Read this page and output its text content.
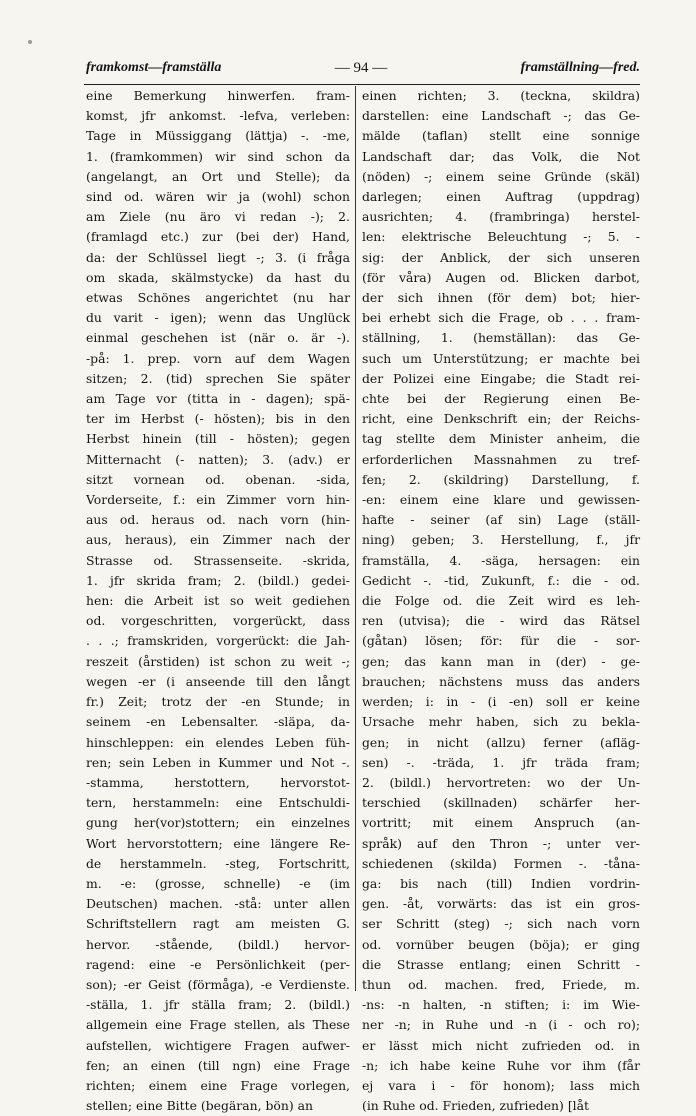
framkomst—framställa	— 94 —	framställning—fred.
eine Bemerkung hinwerfen. fram-
komst, jfr ankomst. -lefva, verleben:
Tage in Müssiggang (lättja) -. -me,
1. (framkommen) wir sind schon da
(angelangt, an Ort und Stelle); da
sind od. wären wir ja (wohl) schon
am Ziele (nu äro vi redan -); 2.
(framlagd etc.) zur (bei der) Hand,
da: der Schlüssel liegt -; 3. (i fråga
om skada, skälmstycke) da hast du
etwas Schönes angerichtet (nu har
du varit - igen); wenn das Unglück
einmal geschehen ist (när o. är -).
-på: 1. prep. vorn auf dem Wagen
sitzen; 2. (tid) sprechen Sie später
am Tage vor (titta in - dagen); spä-
ter im Herbst (- hösten); bis in den
Herbst hinein (till - hösten); gegen
Mitternacht (- natten); 3. (adv.) er
sitzt vornean od. obenan. -sida,
Vorderseite, f.: ein Zimmer vorn hin-
aus od. heraus od. nach vorn (hin-
aus, heraus), ein Zimmer nach der
Strasse od. Strassenseite. -skrida,
1. jfr skrida fram; 2. (bildl.) gedei-
hen: die Arbeit ist so weit gediehen
od. vorgeschritten, vorgerückt, dass
. . .; framskriden, vorgerückt: die Jah-
reszeit (årstiden) ist schon zu weit -;
wegen -er (i anseende till den långt
fr.) Zeit; trotz der -en Stunde; in
seinem -en Lebensalter. -släpa, da-
hinschleppen: ein elendes Leben füh-
ren; sein Leben in Kummer und Not -.
-stamma, herstottern, hervorstot-
tern, herstammeln: eine Entschuldi-
gung her(vor)stottern; ein einzelnes
Wort hervorstottern; eine längere Re-
de herstammeln. -steg, Fortschritt,
m. -e: (grosse, schnelle) -e (im
Deutschen) machen. -stå: unter allen
Schriftstellern ragt am meisten G.
hervor. -stående, (bildl.) hervor-
ragend: eine -e Persönlichkeit (per-
son); -er Geist (förmåga), -e Verdienste.
-ställa, 1. jfr ställa fram; 2. (bildl.)
allgemein eine Frage stellen, als These
aufstellen, wichtigere Fragen aufwer-
fen; an einen (till ngn) eine Frage
richten; einem eine Frage vorlegen,
stellen; eine Bitte (begäran, bön) an
einen richten; 3. (teckna, skildra)
darstellen: eine Landschaft -; das Ge-
mälde (taflan) stellt eine sonnige
Landschaft dar; das Volk, die Not
(nöden) -; einem seine Gründe (skäl)
darlegen; einen Auftrag (uppdrag)
ausrichten; 4. (frambringa) herstel-
len: elektrische Beleuchtung -; 5. -
sig: der Anblick, der sich unseren
(för våra) Augen od. Blicken darbot,
der sich ihnen (för dem) bot; hier-
bei erhebt sich die Frage, ob . . . fram-
ställning, 1. (hemställan): das Ge-
such um Unterstützung; er machte bei
der Polizei eine Eingabe; die Stadt rei-
chte bei der Regierung einen Be-
richt, eine Denkschrift ein; der Reichs-
tag stellte dem Minister anheim, die
erforderlichen Massnahmen zu tref-
fen; 2. (skildring) Darstellung, f.
-en: einem eine klare und gewissen-
hafte - seiner (af sin) Lage (ställ-
ning) geben; 3. Herstellung, f., jfr
framställa, 4. -säga, hersagen: ein
Gedicht -. -tid, Zukunft, f.: die - od.
die Folge od. die Zeit wird es leh-
ren (utvisa); die - wird das Rätsel
(gåtan) lösen; för: für die - sor-
gen; das kann man in (der) - ge-
brauchen; nächstens muss das anders
werden; i: in - (i -en) soll er keine
Ursache mehr haben, sich zu bekla-
gen; in nicht (allzu) ferner (afläg-
sen) -. -träda, 1. jfr träda fram;
2. (bildl.) hervortreten: wo der Un-
terschied (skillnaden) schärfer her-
vortritt; mit einem Anspruch (an-
språk) auf den Thron -; unter ver-
schiedenen (skilda) Formen -. -tåna-
ga: bis nach (till) Indien vordrin-
gen. -åt, vorwärts: das ist ein gros-
ser Schritt (steg) -; sich nach vorn
od. vornüber beugen (böja); er ging
die Strasse entlang; einen Schritt -
thun od. machen. fred, Friede, m.
-ns: -n halten, -n stiften; i: im Wie-
ner -n; in Ruhe und -n (i - och ro);
er lässt mich nicht zufrieden od. in
-n; ich habe keine Ruhe vor ihm (får
ej vara i - för honom); lass mich
(in Ruhe od. Frieden, zufrieden) [låt
